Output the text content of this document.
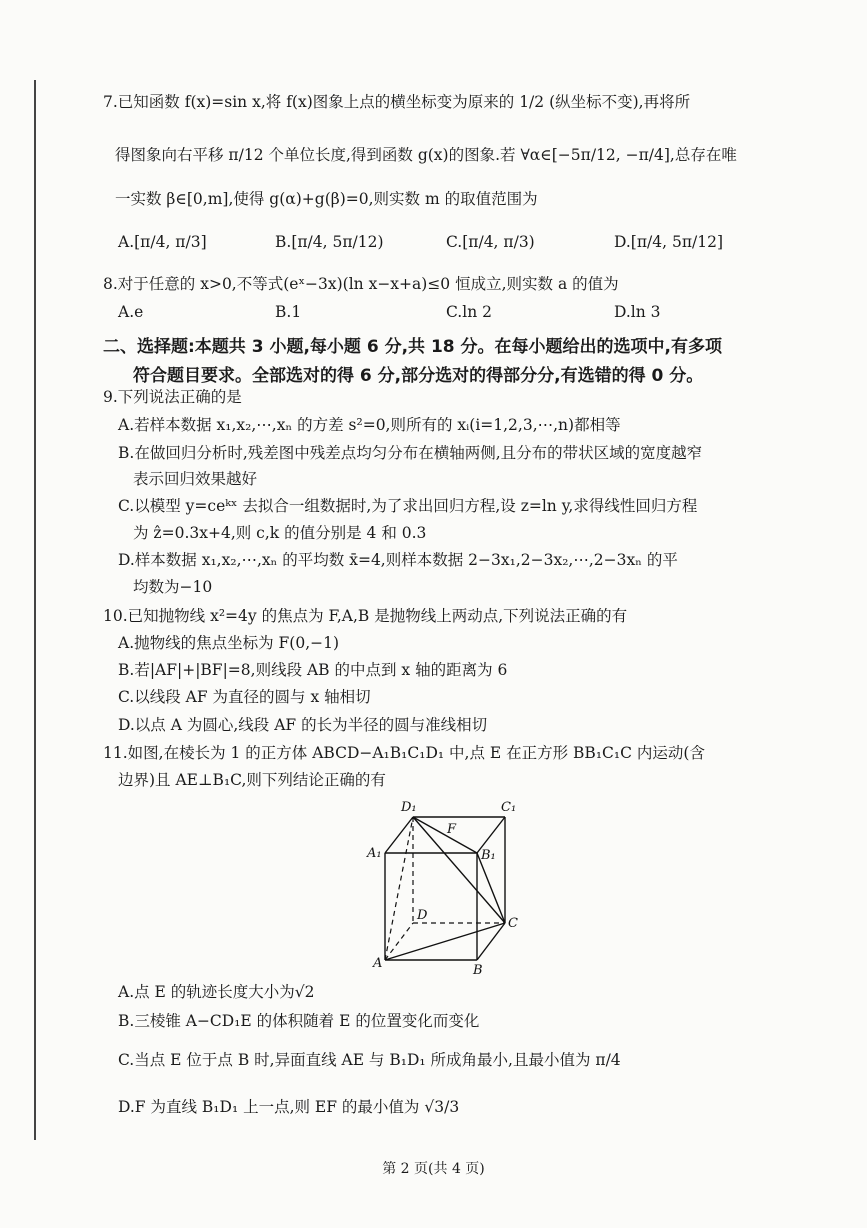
7.已知函数 f(x)=sin x,将 f(x)图象上点的横坐标变为原来的 1/2 (纵坐标不变),再将所
得图象向右平移 π/12 个单位长度,得到函数 g(x)的图象.若 ∀α∈[−5π/12, −π/4],总存在唯
一实数 β∈[0,m],使得 g(α)+g(β)=0,则实数 m 的取值范围为
A.[π/4, π/3]	B.[π/4, 5π/12)	C.[π/4, π/3)	D.[π/4, 5π/12]
8.对于任意的 x>0,不等式(eˣ−3x)(ln x−x+a)≤0 恒成立,则实数 a 的值为
A.e	B.1	C.ln 2	D.ln 3
二、选择题:本题共 3 小题,每小题 6 分,共 18 分。在每小题给出的选项中,有多项
符合题目要求。全部选对的得 6 分,部分选对的得部分分,有选错的得 0 分。
9.下列说法正确的是
A.若样本数据 x₁,x₂,⋯,xₙ 的方差 s²=0,则所有的 xᵢ(i=1,2,3,⋯,n)都相等
B.在做回归分析时,残差图中残差点均匀分布在横轴两侧,且分布的带状区域的宽度越窄
表示回归效果越好
C.以模型 y=ceᵏˣ 去拟合一组数据时,为了求出回归方程,设 z=ln y,求得线性回归方程
为 ẑ=0.3x+4,则 c,k 的值分别是 4 和 0.3
D.样本数据 x₁,x₂,⋯,xₙ 的平均数 x̄=4,则样本数据 2−3x₁,2−3x₂,⋯,2−3xₙ 的平
均数为−10
10.已知抛物线 x²=4y 的焦点为 F,A,B 是抛物线上两动点,下列说法正确的有
A.抛物线的焦点坐标为 F(0,−1)
B.若|AF|+|BF|=8,则线段 AB 的中点到 x 轴的距离为 6
C.以线段 AF 为直径的圆与 x 轴相切
D.以点 A 为圆心,线段 AF 的长为半径的圆与准线相切
11.如图,在棱长为 1 的正方体 ABCD−A₁B₁C₁D₁ 中,点 E 在正方形 BB₁C₁C 内运动(含
边界)且 AE⊥B₁C,则下列结论正确的有
D₁	C₁
A₁	B₁
F
D
C
A	B
A.点 E 的轨迹长度大小为√2
B.三棱锥 A−CD₁E 的体积随着 E 的位置变化而变化
C.当点 E 位于点 B 时,异面直线 AE 与 B₁D₁ 所成角最小,且最小值为 π/4
D.F 为直线 B₁D₁ 上一点,则 EF 的最小值为 √3/3
第 2 页(共 4 页)
